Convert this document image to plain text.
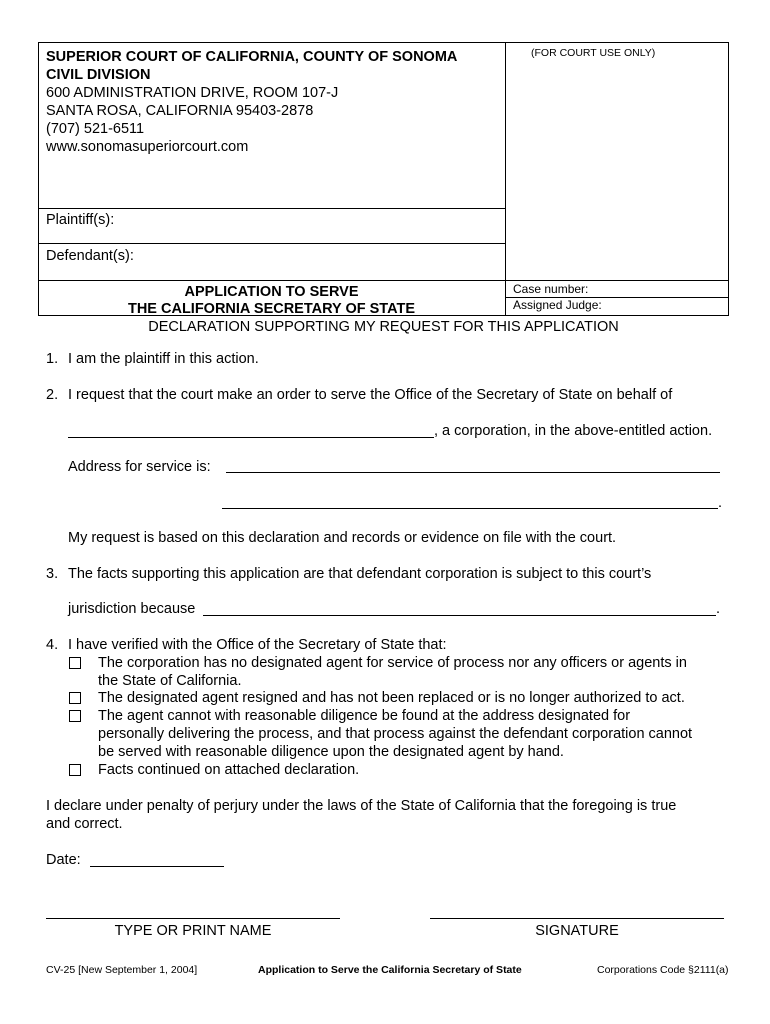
SUPERIOR COURT OF CALIFORNIA, COUNTY OF SONOMA
CIVIL DIVISION
600 ADMINISTRATION DRIVE, ROOM 107-J
SANTA ROSA, CALIFORNIA 95403-2878
(707) 521-6511
www.sonomasuperiorcourt.com
(FOR COURT USE ONLY)
Plaintiff(s):
Defendant(s):
APPLICATION TO SERVE
THE CALIFORNIA SECRETARY OF STATE
Case number:
Assigned Judge:
DECLARATION SUPPORTING MY REQUEST FOR THIS APPLICATION
1. I am the plaintiff in this action.
2. I request that the court make an order to serve the Office of the Secretary of State on behalf of
, a corporation, in the above-entitled action.
Address for service is:
.
My request is based on this declaration and records or evidence on file with the court.
3. The facts supporting this application are that defendant corporation is subject to this court’s
jurisdiction because	.
4. I have verified with the Office of the Secretary of State that:
The corporation has no designated agent for service of process nor any officers or agents in
the State of California.
The designated agent resigned and has not been replaced or is no longer authorized to act.
The agent cannot with reasonable diligence be found at the address designated for
personally delivering the process, and that process against the defendant corporation cannot
be served with reasonable diligence upon the designated agent by hand.
Facts continued on attached declaration.
I declare under penalty of perjury under the laws of the State of California that the foregoing is true
and correct.
Date:
TYPE OR PRINT NAME	SIGNATURE
CV-25 [New September 1, 2004]	Application to Serve the California Secretary of State	Corporations Code §2111(a)
